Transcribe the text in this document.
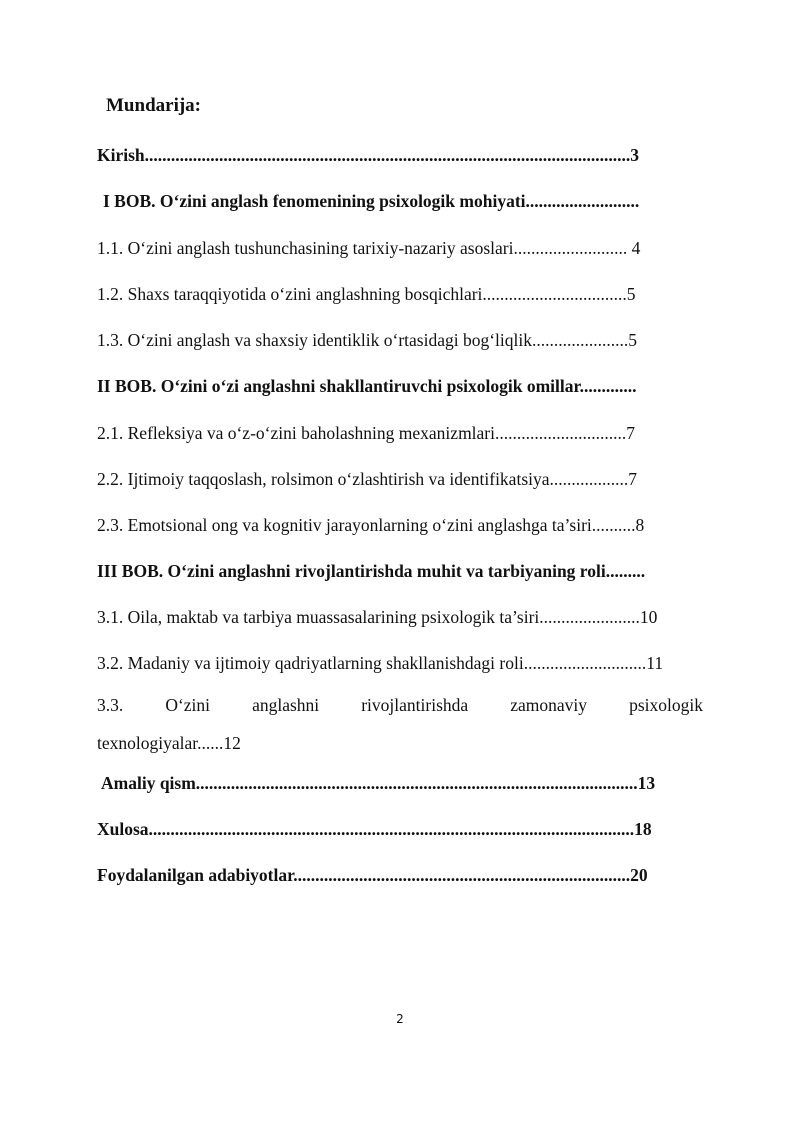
Mundarija:
Kirish...............................................................................................................3
I BOB. O‘zini anglash fenomenining psixologik mohiyati..........................
1.1. O‘zini anglash tushunchasining tarixiy-nazariy asoslari.......................... 4
1.2. Shaxs taraqqiyotida o‘zini anglashning bosqichlari.................................5
1.3. O‘zini anglash va shaxsiy identiklik o‘rtasidagi bog‘liqlik......................5
II BOB. O‘zini o‘zi anglashni shakllantiruvchi psixologik omillar.............
2.1. Refleksiya va o‘z-o‘zini baholashning mexanizmlari..............................7
2.2. Ijtimoiy taqqoslash, rolsimon o‘zlashtirish va identifikatsiya..................7
2.3. Emotsional ong va kognitiv jarayonlarning o‘zini anglashga ta’siri..........8
III BOB. O‘zini anglashni rivojlantirishda muhit va tarbiyaning roli.........
3.1. Oila, maktab va tarbiya muassasalarining psixologik ta’siri.......................10
3.2. Madaniy va ijtimoiy qadriyatlarning shakllanishdagi roli............................11
3.3. O‘zini anglashni rivojlantirishda zamonaviy psixologik
texnologiyalar......12
Amaliy qism.....................................................................................................13
Xulosa...............................................................................................................18
Foydalanilgan adabiyotlar.............................................................................20
2
